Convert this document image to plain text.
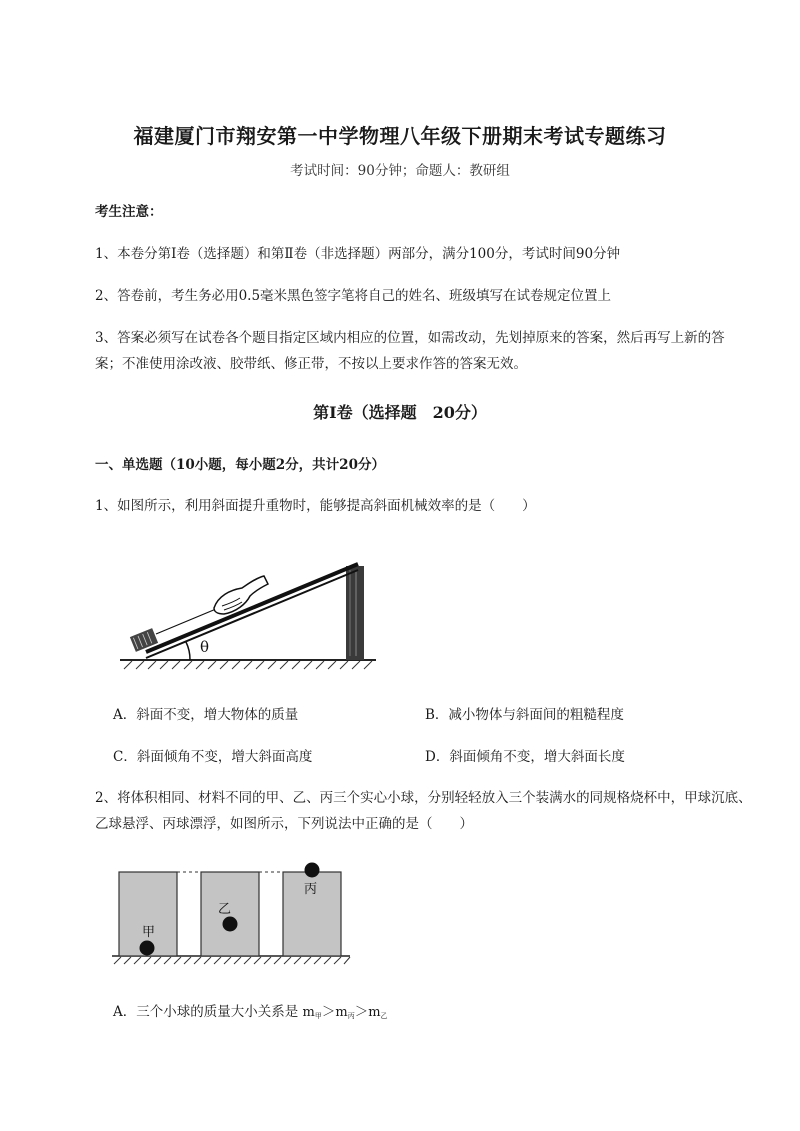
福建厦门市翔安第一中学物理八年级下册期末考试专题练习
考试时间：90分钟；命题人：教研组
考生注意：
1、本卷分第I卷（选择题）和第Ⅱ卷（非选择题）两部分，满分100分，考试时间90分钟
2、答卷前，考生务必用0.5毫米黑色签字笔将自己的姓名、班级填写在试卷规定位置上
3、答案必须写在试卷各个题目指定区域内相应的位置，如需改动，先划掉原来的答案，然后再写上新的答案；不准使用涂改液、胶带纸、修正带，不按以上要求作答的答案无效。
第I卷（选择题　20分）
一、单选题（10小题，每小题2分，共计20分）
1、如图所示，利用斜面提升重物时，能够提高斜面机械效率的是（　　）
θ
A．斜面不变，增大物体的质量	B．减小物体与斜面间的粗糙程度
C．斜面倾角不变，增大斜面高度	D．斜面倾角不变，增大斜面长度
2、将体积相同、材料不同的甲、乙、丙三个实心小球，分别轻轻放入三个装满水的同规格烧杯中，甲球沉底、乙球悬浮、丙球漂浮，如图所示，下列说法中正确的是（　　）
甲
乙
丙
A．三个小球的质量大小关系是 $m_甲>m_丙>m_乙$
